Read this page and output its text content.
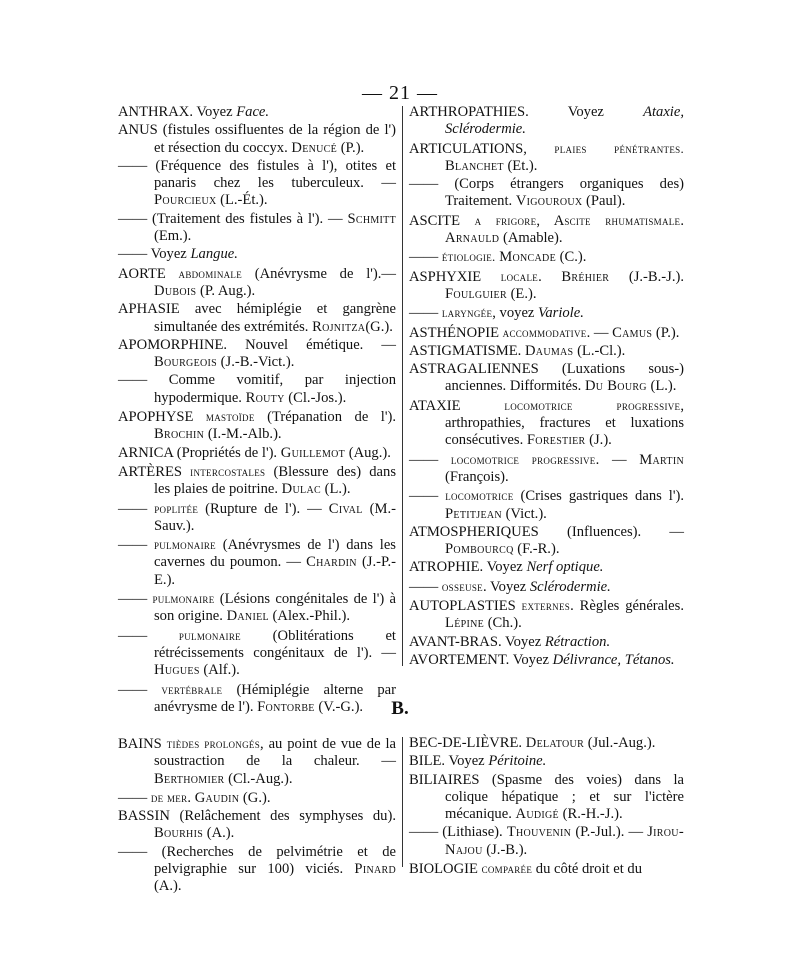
— 21 —

ANTHRAX. Voyez Face.

ANUS (fistules ossifluentes de la région de l') et résection du coccyx. Denucé (P.).

—— (Fréquence des fistules à l'), otites et panaris chez les tuberculeux. — Pourcieux (L.-Ét.).

—— (Traitement des fistules à l'). — Schmitt (Em.).

—— Voyez Langue.

AORTE abdominale (Anévrysme de l').— Dubois (P. Aug.).

APHASIE avec hémiplégie et gangrène simultanée des extrémités. Rojnitza(G.).

APOMORPHINE. Nouvel émétique. — Bourgeois (J.-B.-Vict.).

—— Comme vomitif, par injection hypodermique. Routy (Cl.-Jos.).

APOPHYSE mastoïde (Trépanation de l'). Brochin (I.-M.-Alb.).

ARNICA (Propriétés de l'). Guillemot (Aug.).

ARTÈRES intercostales (Blessure des) dans les plaies de poitrine. Dulac (L.).

—— poplitée (Rupture de l'). — Cival (M.-Sauv.).

—— pulmonaire (Anévrysmes de l') dans les cavernes du poumon. — Chardin (J.-P.-E.).

—— pulmonaire (Lésions congénitales de l') à son origine. Daniel (Alex.-Phil.).

—— pulmonaire (Oblitérations et rétrécissements congénitaux de l'). — Hugues (Alf.).

—— vertébrale (Hémiplégie alterne par anévrysme de l'). Fontorbe (V.-G.).

ARTHROPATHIES. Voyez Ataxie, Sclérodermie.

ARTICULATIONS, plaies pénétrantes. Blanchet (Et.).

—— (Corps étrangers organiques des) Traitement. Vigouroux (Paul).

ASCITE a frigore, Ascite rhumatismale. Arnauld (Amable).

—— étiologie. Moncade (C.).

ASPHYXIE locale. Bréhier (J.-B.-J.). Foulguier (E.).

—— laryngée, voyez Variole.

ASTHÉNOPIE accommodative. — Camus (P.).

ASTIGMATISME. Daumas (L.-Cl.).

ASTRAGALIENNES (Luxations sous-) anciennes. Difformités. Du Bourg (L.).

ATAXIE locomotrice progressive, arthropathies, fractures et luxations consécutives. Forestier (J.).

—— locomotrice progressive. — Martin (François).

—— locomotrice (Crises gastriques dans l'). Petitjean (Vict.).

ATMOSPHERIQUES (Influences). — Pombourcq (F.-R.).

ATROPHIE. Voyez Nerf optique.

—— osseuse. Voyez Sclérodermie.

AUTOPLASTIES externes. Règles générales. Lépine (Ch.).

AVANT-BRAS. Voyez Rétraction.

AVORTEMENT. Voyez Délivrance, Tétanos.

B.

BAINS tièdes prolongés, au point de vue de la soustraction de la chaleur. — Berthomier (Cl.-Aug.).

—— de mer. Gaudin (G.).

BASSIN (Relâchement des symphyses du). Bourhis (A.).

—— (Recherches de pelvimétrie et de pelvigraphie sur 100) viciés. Pinard (A.).

BEC-DE-LIÈVRE. Delatour (Jul.-Aug.).

BILE. Voyez Péritoine.

BILIAIRES (Spasme des voies) dans la colique hépatique ; et sur l'ictère mécanique. Audigé (R.-H.-J.).

—— (Lithiase). Thouvenin (P.-Jul.). — Jirou-Najou (J.-B.).

BIOLOGIE comparée du côté droit et du
